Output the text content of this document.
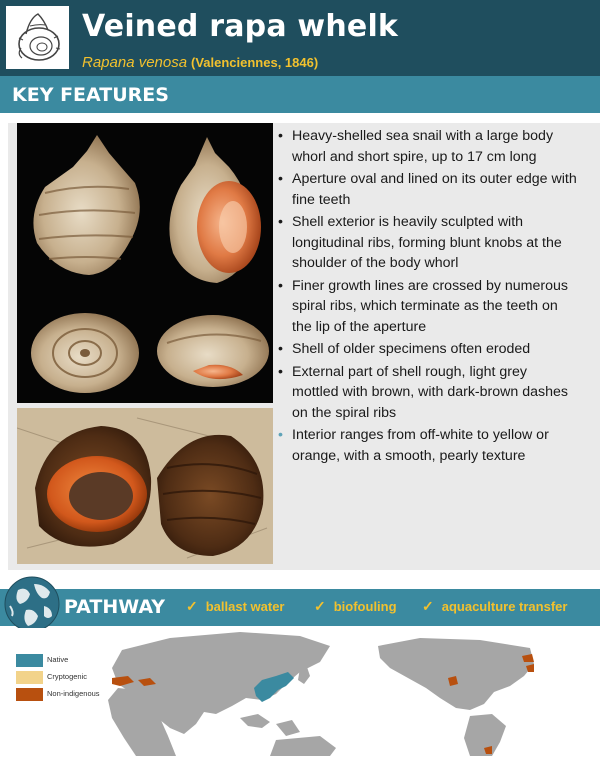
Veined rapa whelk
Rapana venosa (Valenciennes, 1846)
KEY FEATURES
• Heavy-shelled sea snail with a large body whorl and short spire, up to 17 cm long
• Aperture oval and lined on its outer edge with fine teeth
• Shell exterior is heavily sculpted with longitudinal ribs, forming blunt knobs at the shoulder of the body whorl
• Finer growth lines are crossed by numerous spiral ribs, which terminate as the teeth on the lip of the aperture
• Shell of older specimens often eroded
• External part of shell rough, light grey mottled with brown, with dark-brown dashes on the spiral ribs
• Interior ranges from off-white to yellow or orange, with a smooth, pearly texture
PATHWAY ✓ ballast water ✓ biofouling ✓ aquaculture transfer
Native
Cryptogenic
Non-indigenous
